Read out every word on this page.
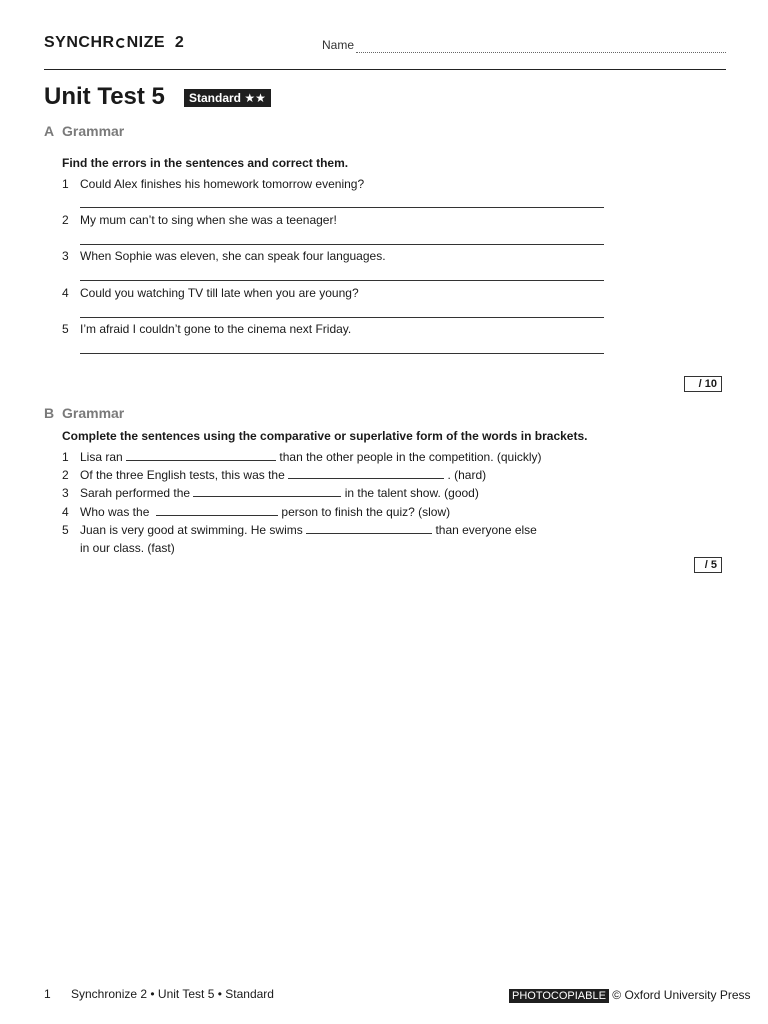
SYNCHR NIZE 2	Name
Unit Test 5	Standard ★★
A Grammar
Find the errors in the sentences and correct them.
1 Could Alex finishes his homework tomorrow evening?
2 My mum can’t to sing when she was a teenager!
3 When Sophie was eleven, she can speak four languages.
4 Could you watching TV till late when you are young?
5 I’m afraid I couldn’t gone to the cinema next Friday.
/ 10
B Grammar
Complete the sentences using the comparative or superlative form of the words in brackets.
1 Lisa ran	than the other people in the competition. (quickly)
2 Of the three English tests, this was the	. (hard)
3 Sarah performed the	in the talent show. (good)
4 Who was the	person to finish the quiz? (slow)
5 Juan is very good at swimming. He swims	than everyone else
in our class. (fast)
/ 5
1 Synchronize 2 • Unit Test 5 • Standard	PHOTOCOPIABLE © Oxford University Press
